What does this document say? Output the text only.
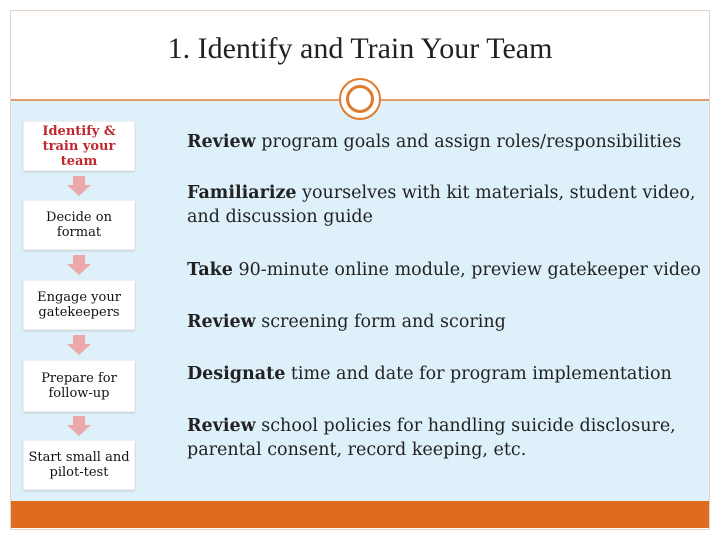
1. Identify and Train Your Team
Identify & train your team
Decide on format
Engage your gatekeepers
Prepare for follow-up
Start small and pilot-test
Review program goals and assign roles/responsibilities
Familiarize yourselves with kit materials, student video, and discussion guide
Take 90-minute online module, preview gatekeeper video
Review screening form and scoring
Designate time and date for program implementation
Review school policies for handling suicide disclosure, parental consent, record keeping, etc.
